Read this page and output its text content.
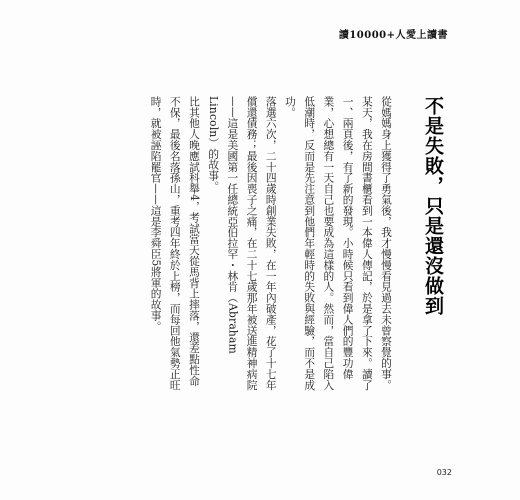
讀10000+人愛上讀書
不是失敗，只是還沒做到

從媽媽身上獲得了勇氣後，我才慢慢看見過去未曾察覺的事。

某天，我在房間書櫃看到一本偉人傳記，於是拿了下來。讀了一、兩頁後，有了新的發現。小時候只看到偉人們的豐功偉業，心想總有一天自己也要成為這樣的人。然而，當自己陷入低潮時，反而是先注意到他們年輕時的失敗與經驗，而不是成功。

落選六次，二十四歲時創業失敗，在一年內破產，花了十七年償還債務；最後因喪子之痛，在二十七歲那年被送進精神病院——這是美國第一任總統亞伯拉罕・林肯（Abraham Lincoln）的故事。

比其他人晚應試科舉4，考試當天從馬背上摔落，還差點性命不保，最後名落孫山，重考四年終於上榜，而每回他氣勢正旺時，就被誣陷罷官——這是李舜臣5將軍的故事。

032
